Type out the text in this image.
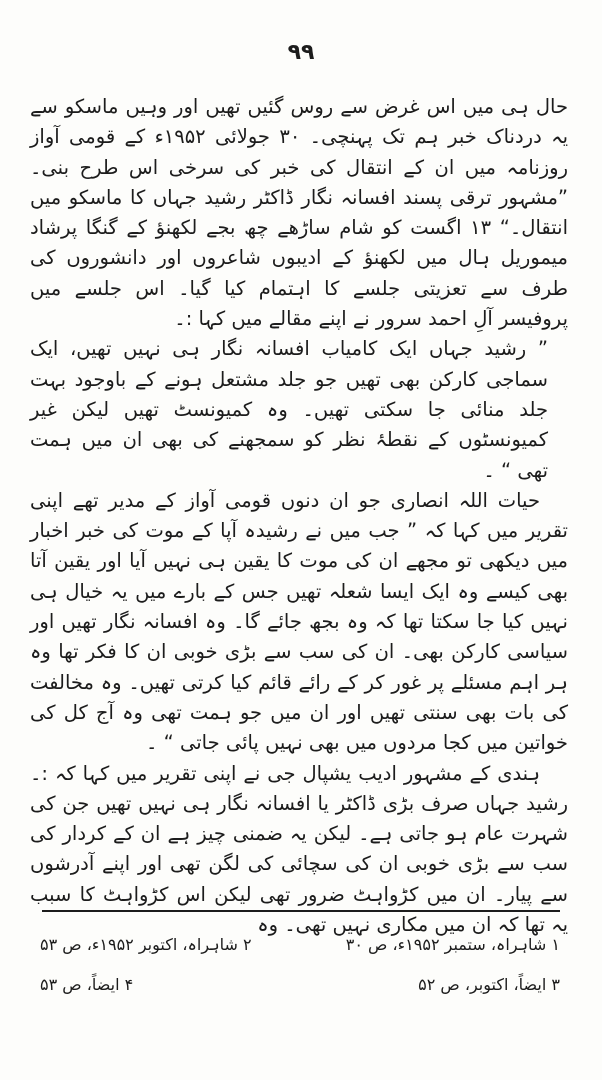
٩٩

حال ہی میں اس غرض سے روس گئیں تھیں اور وہیں ماسکو سے یہ دردناک خبر ہم تک پہنچی۔ ۳۰ جولائی ۱۹۵۲ء کے قومی آواز روزنامہ میں ان کے انتقال کی خبر کی سرخی اس طرح بنی۔ ”مشہور ترقی پسند افسانہ نگار ڈاکٹر رشید جہاں کا ماسکو میں انتقال۔“ ۱۳ اگست کو شام ساڑھے چھ بجے لکھنؤ کے گنگا پرشاد میموریل ہال میں لکھنؤ کے ادیبوں شاعروں اور دانشوروں کی طرف سے تعزیتی جلسے کا اہتمام کیا گیا۔ اس جلسے میں پروفیسر آلِ احمد سرور نے اپنے مقالے میں کہا :۔

” رشید جہاں ایک کامیاب افسانہ نگار ہی نہیں تھیں، ایک سماجی کارکن بھی تھیں جو جلد مشتعل ہونے کے باوجود بہت جلد منائی جا سکتی تھیں۔ وہ کمیونسٹ تھیں لیکن غیر کمیونسٹوں کے نقطۂ نظر کو سمجھنے کی بھی ان میں ہمت تھی “ ۔

حیات اللہ انصاری جو ان دنوں قومی آواز کے مدیر تھے اپنی تقریر میں کہا کہ ” جب میں نے رشیدہ آپا کے موت کی خبر اخبار میں دیکھی تو مجھے ان کی موت کا یقین ہی نہیں آیا اور یقین آتا بھی کیسے وہ ایک ایسا شعلہ تھیں جس کے بارے میں یہ خیال ہی نہیں کیا جا سکتا تھا کہ وہ بجھ جائے گا۔ وہ افسانہ نگار تھیں اور سیاسی کارکن بھی۔ ان کی سب سے بڑی خوبی ان کا فکر تھا وہ ہر اہم مسئلے پر غور کر کے رائے قائم کیا کرتی تھیں۔ وہ مخالفت کی بات بھی سنتی تھیں اور ان میں جو ہمت تھی وہ آج کل کی خواتین میں کجا مردوں میں بھی نہیں پائی جاتی “ ۔

ہندی کے مشہور ادیب یشپال جی نے اپنی تقریر میں کہا کہ :۔ رشید جہاں صرف بڑی ڈاکٹر یا افسانہ نگار ہی نہیں تھیں جن کی شہرت عام ہو جاتی ہے۔ لیکن یہ ضمنی چیز ہے ان کے کردار کی سب سے بڑی خوبی ان کی سچائی کی لگن تھی اور اپنے آدرشوں سے پیار۔ ان میں کڑواہٹ ضرور تھی لیکن اس کڑواہٹ کا سبب یہ تھا کہ ان میں مکاری نہیں تھی۔ وہ

۱ شاہراہ، ستمبر ۱۹۵۲ء، ص ۳۰
۲ شاہراہ، اکتوبر ۱۹۵۲ء، ص ۵۳
۳ ایضاً، اکتوبر، ص ۵۲
۴ ایضاً، ص ۵۳
